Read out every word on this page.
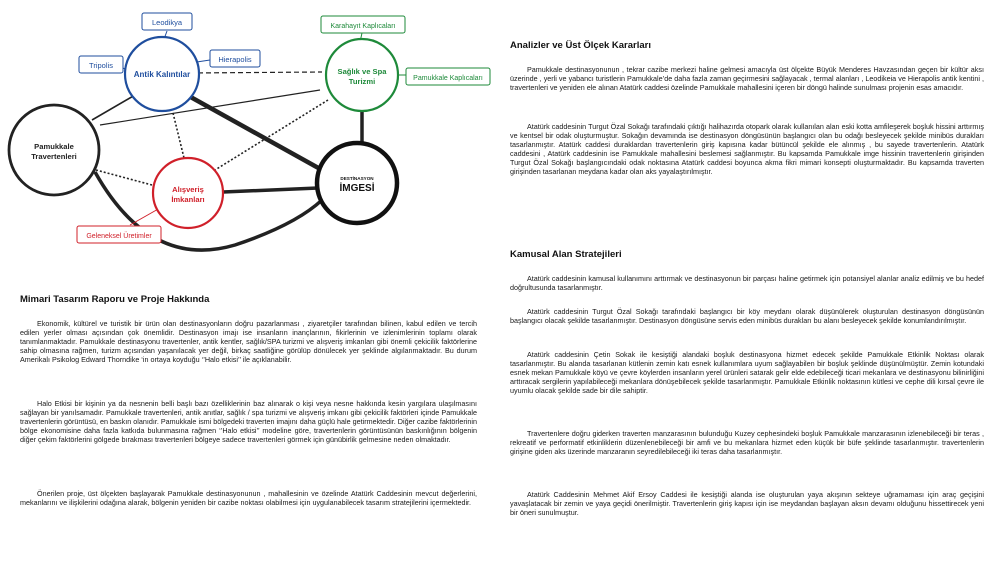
Antik Kalıntılar	Sağlık ve Spa
Turizmi
Pamukkale
Travertenleri
Alışveriş
İmkanları
DESTİNASYON
İMGESİ
Leodikya
Hierapolis
Tripolis
Karahayıt Kaplıcaları
Pamukkale Kaplıcaları
Geleneksel Üretimler
Mimari Tasarım Raporu ve Proje Hakkında

Ekonomik, kültürel ve turistik bir ürün olan destinasyonların doğru pazarlanması , ziyaretçiler tarafından bilinen, kabul edilen ve tercih edilen yerler olması açısından çok önemlidir. Destinasyon imajı ise insanların inançlarının, fikirlerinin ve izlenimlerinin toplamı olarak tanımlanmaktadır. Pamukkale destinasyonu travertenler, antik kentler, sağlık/SPA turizmi ve alışveriş imkanları gibi önemli çekicilik faktörlerine sahip olmasına rağmen, turizm açısından yaşanılacak yer değil, birkaç saatliğine görülüp dönülecek yer şeklinde algılanmaktadır. Bu durum Amerikalı Psikolog Edward Thorndike ‘in ortaya koyduğu ‘’Halo etkisi’’ ile açıklanabilir.

Halo Etkisi bir kişinin ya da nesnenin belli başlı bazı özelliklerinin baz alınarak o kişi veya nesne hakkında kesin yargılara ulaşılmasını sağlayan bir yanılsamadır. Pamukkale travertenleri, antik anıtlar, sağlık / spa turizmi ve alışveriş imkanı gibi çekicilik faktörleri içinde Pamukkale travertenlerin görüntüsü, en baskın olanıdır. Pamukkale ismi bölgedeki traverten imajını daha güçlü hale getirmektedir. Diğer cazibe faktörlerinin bölge ekonomisine daha fazla katkıda bulunmasına rağmen ‘’Halo etkisi’’ modeline göre, travertenlerin görüntüsünün baskınlığının bölgenin diğer çekim faktörlerini gölgede bırakması travertenleri bölgeye sadece travertenleri görmek için günübirlik gelmesine neden olmaktadır.

Önerilen proje, üst ölçekten başlayarak Pamukkale destinasyonunun , mahallesinin ve özelinde Atatürk Caddesinin mevcut değerlerini, mekanlarını ve ilişkilerini odağına alarak, bölgenin yeniden bir cazibe noktası olabilmesi için uygulanabilecek tasarım stratejilerini içermektedir.

Analizler ve Üst Ölçek Kararları

Pamukkale destinasyonunun , tekrar cazibe merkezi haline gelmesi amacıyla üst ölçekte Büyük Menderes Havzasından geçen bir kültür aksı üzerinde , yerli ve yabancı turistlerin Pamukkale’de daha fazla zaman geçirmesini sağlayacak , termal alanları , Leodikeia ve Hierapolis antik kentini , travertenleri ve yeniden ele alınan Atatürk caddesi özelinde Pamukkale mahallesini içeren bir döngü halinde sunulması projenin esas amacıdır.

Atatürk caddesinin Turgut Özal Sokağı tarafındaki çıktığı halihazırda otopark olarak kullanılan alan eski kotta amfileşerek boşluk hissini arttırmış ve kentsel bir odak oluşturmuştur. Sokağın devamında ise destinasyon döngüsünün başlangıcı olan bu odağı besleyecek şekilde minibüs durakları tasarlanmıştır. Atatürk caddesi duraklardan travertenlerin giriş kapısına kadar bütüncül şekilde ele alınmış , bu sayede travertenlerin. Atatürk caddesini , Atatürk caddesinin ise Pamukkale mahallesini beslemesi sağlanmıştır. Bu kapsamda Pamukkale imge hissinin travertenlerin girişinden Turgut Özal Sokağı başlangıcındaki odak noktasına Atatürk caddesi boyunca akma fikri mimari konsepti oluşturmaktadır. Bu kapsamda traverten girişinden tasarlanan meydana kadar olan aks yayalaştırılmıştır.

Kamusal Alan Stratejileri

Atatürk caddesinin kamusal kullanımını arttırmak ve destinasyonun bir parçası haline getirmek için potansiyel alanlar analiz edilmiş ve bu hedef doğrultusunda tasarlanmıştır.

Atatürk caddesinin Turgut Özal Sokağı tarafındaki başlangıcı bir köy meydanı olarak düşünülerek oluşturulan destinasyon döngüsünün başlangıcı olacak şekilde tasarlanmıştır. Destinasyon döngüsüne servis eden minibüs durakları bu alanı besleyecek şekilde konumlandırılmıştır.

Atatürk caddesinin Çetin Sokak ile kesiştiği alandaki boşluk destinasyona hizmet edecek şekilde Pamukkale Etkinlik Noktası olarak tasarlanmıştır. Bu alanda tasarlanan kütlenin zemin katı esnek kullanımlara uyum sağlayabilen bir boşluk şeklinde düşünülmüştür. Zemin kotundaki esnek mekan Pamukkale köyü ve çevre köylerden insanların yerel ürünleri satarak gelir elde edebileceği ticari mekanlara ve destinasyonu bilinirliğini arttıracak sergilerin yapılabileceği mekanlara dönüşebilecek şekilde tasarlanmıştır. Pamukkale Etkinlik noktasının kütlesi ve cephe dili kırsal çevre ile uyumlu olacak şekilde sade bir dile sahiptir.

Travertenlere doğru giderken traverten manzarasının bulunduğu Kuzey cephesindeki boşluk Pamukkale manzarasının izlenebileceği bir teras , rekreatif ve performatif etkinliklerin düzenlenebileceği bir amfi ve bu mekanlara hizmet eden küçük bir büfe şeklinde tasarlanmıştır. travertenlerin girişine giden aks üzerinde manzaranın seyredilebileceği iki teras daha tasarlanmıştır.

Atatürk Caddesinin Mehmet Akif Ersoy Caddesi ile kesiştiği alanda ise oluşturulan yaya akışının sekteye uğramaması için araç geçişini yavaşlatacak bir zemin ve yaya geçidi önerilmiştir. Travertenlerin giriş kapısı için ise meydandan başlayan aksın devamı olduğunu hissettirecek yeni bir öneri sunulmuştur.
